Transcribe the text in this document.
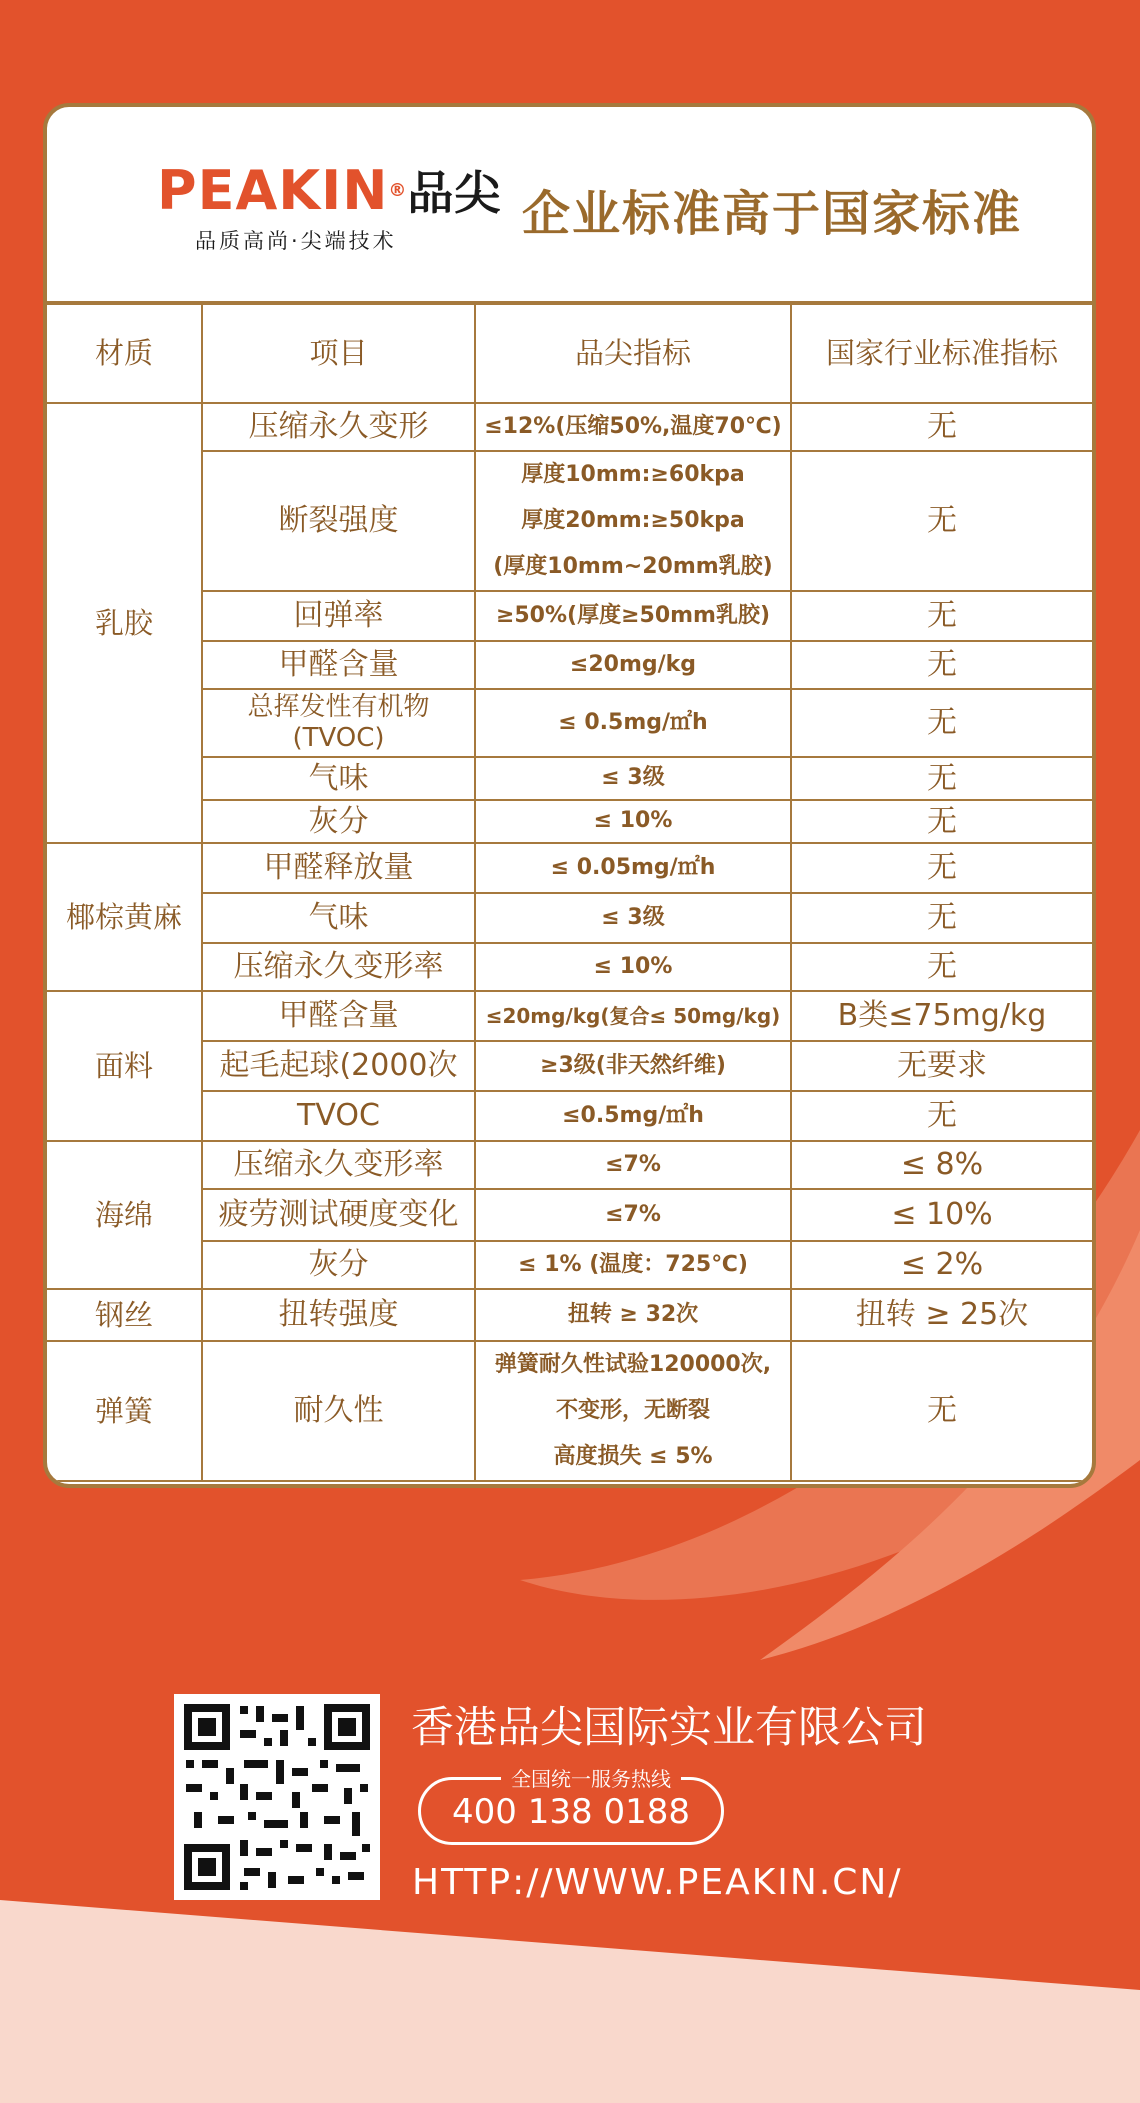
PEAKIN®品尖
品质高尚·尖端技术	企业标准高于国家标准
材质	项目	品尖指标	国家行业标准指标
乳胶	压缩永久变形	≤12%(压缩50%,温度70℃)	无
	断裂强度	厚度10mm:≥60kpa
厚度20mm:≥50kpa
(厚度10mm~20mm乳胶)	无
	回弹率	≥50%(厚度≥50mm乳胶)	无
	甲醛含量	≤20mg/kg	无

	总挥发性有机物
(TVOC)	≤ 0.5mg/㎡h	无
	气味	≤ 3级	无
	灰分	≤ 10%	无
椰棕黄麻	甲醛释放量	≤ 0.05mg/㎡h	无
	气味	≤ 3级	无
	压缩永久变形率	≤ 10%	无
面料	甲醛含量	≤20mg/kg(复合≤ 50mg/kg)	B类≤75mg/kg
	起毛起球(2000次	≥3级(非天然纤维)	无要求
	TVOC	≤0.5mg/㎡h	无
海绵	压缩永久变形率	≤7%	≤ 8%
	疲劳测试硬度变化	≤7%	≤ 10%
	灰分	≤ 1% (温度：725℃)	≤ 2%
钢丝	扭转强度	扭转 ≥ 32次	扭转 ≥ 25次
弹簧	耐久性	弹簧耐久性试验120000次,
不变形，无断裂
高度损失 ≤ 5%	无
香港品尖国际实业有限公司
全国统一服务热线
400 138 0188
HTTP://WWW.PEAKIN.CN/
